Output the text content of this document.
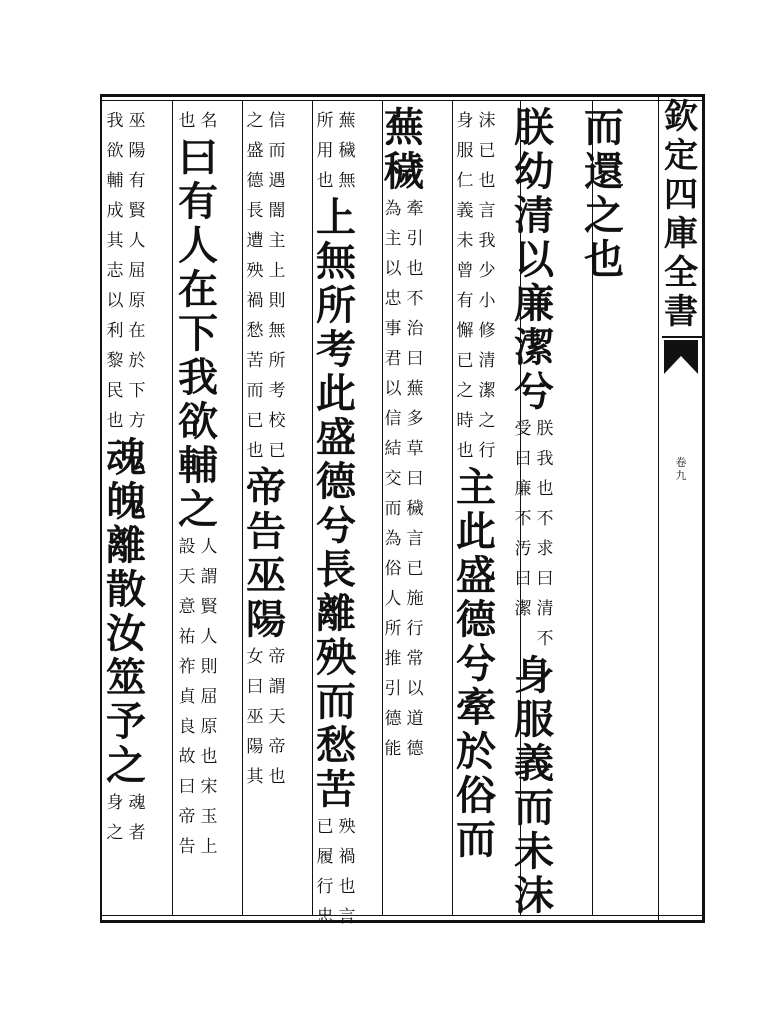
欽
定
四
庫
全
書
卷
九
而
還
之
也
朕
幼
清
以
廉
潔
兮
受
曰
廉
不
汚
曰
潔
朕
我
也
不
求
曰
清
不
身
服
義
而
未
沫
身
服
仁
義
未
曾
有
懈
已
之
時
也
沫
已
也
言
我
少
小
修
清
潔
之
行
主
此
盛
德
兮
牽
於
俗
而
蕪
穢
為
主
以
忠
事
君
以
信
結
交
而
為
俗
人
所
推
引
德
能
牽
引
也
不
治
曰
蕪
多
草
曰
穢
言
已
施
行
常
以
道
德
所
用
也
蕪
穢
無
上
無
所
考
此
盛
德
兮
長
離
殃
而
愁
苦
已
履
行
忠
殃
禍
也
言
之
盛
德
長
遭
殃
禍
愁
苦
而
已
也
信
而
遇
闇
主
上
則
無
所
考
校
已
帝
告
巫
陽
女
曰
巫
陽
其
帝
謂
天
帝
也
也 名
曰
有
人
在
下
我
欲
輔
之
設
天
意
祐
祚
貞
良
故
曰
帝
告
人
謂
賢
人
則
屈
原
也
宋
玉
上
我
欲
輔
成
其
志
以
利
黎
民
也
巫
陽
有
賢
人
屈
原
在
於
下
方
魂
魄
離
散
汝
筮
予
之
身
之
魂
者
